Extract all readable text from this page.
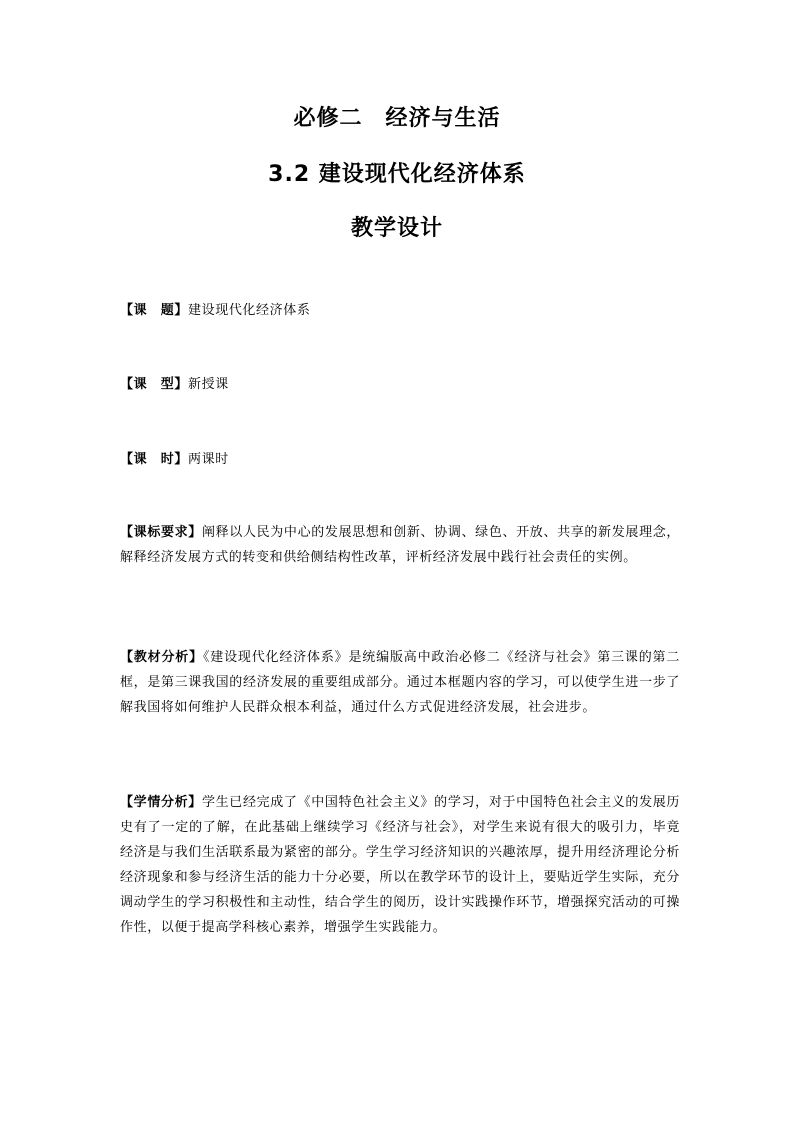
必修二　经济与生活
3.2 建设现代化经济体系
教学设计
【课　题】建设现代化经济体系
【课　型】新授课
【课　时】两课时
【课标要求】阐释以人民为中心的发展思想和创新、协调、绿色、开放、共享的新发展理念，解释经济发展方式的转变和供给侧结构性改革，评析经济发展中践行社会责任的实例。
【教材分析】《建设现代化经济体系》是统编版高中政治必修二《经济与社会》第三课的第二框，是第三课我国的经济发展的重要组成部分。通过本框题内容的学习，可以使学生进一步了解我国将如何维护人民群众根本利益，通过什么方式促进经济发展，社会进步。
【学情分析】学生已经完成了《中国特色社会主义》的学习，对于中国特色社会主义的发展历史有了一定的了解，在此基础上继续学习《经济与社会》，对学生来说有很大的吸引力，毕竟经济是与我们生活联系最为紧密的部分。学生学习经济知识的兴趣浓厚，提升用经济理论分析经济现象和参与经济生活的能力十分必要，所以在教学环节的设计上，要贴近学生实际，充分调动学生的学习积极性和主动性，结合学生的阅历，设计实践操作环节，增强探究活动的可操作性，以便于提高学科核心素养，增强学生实践能力。
